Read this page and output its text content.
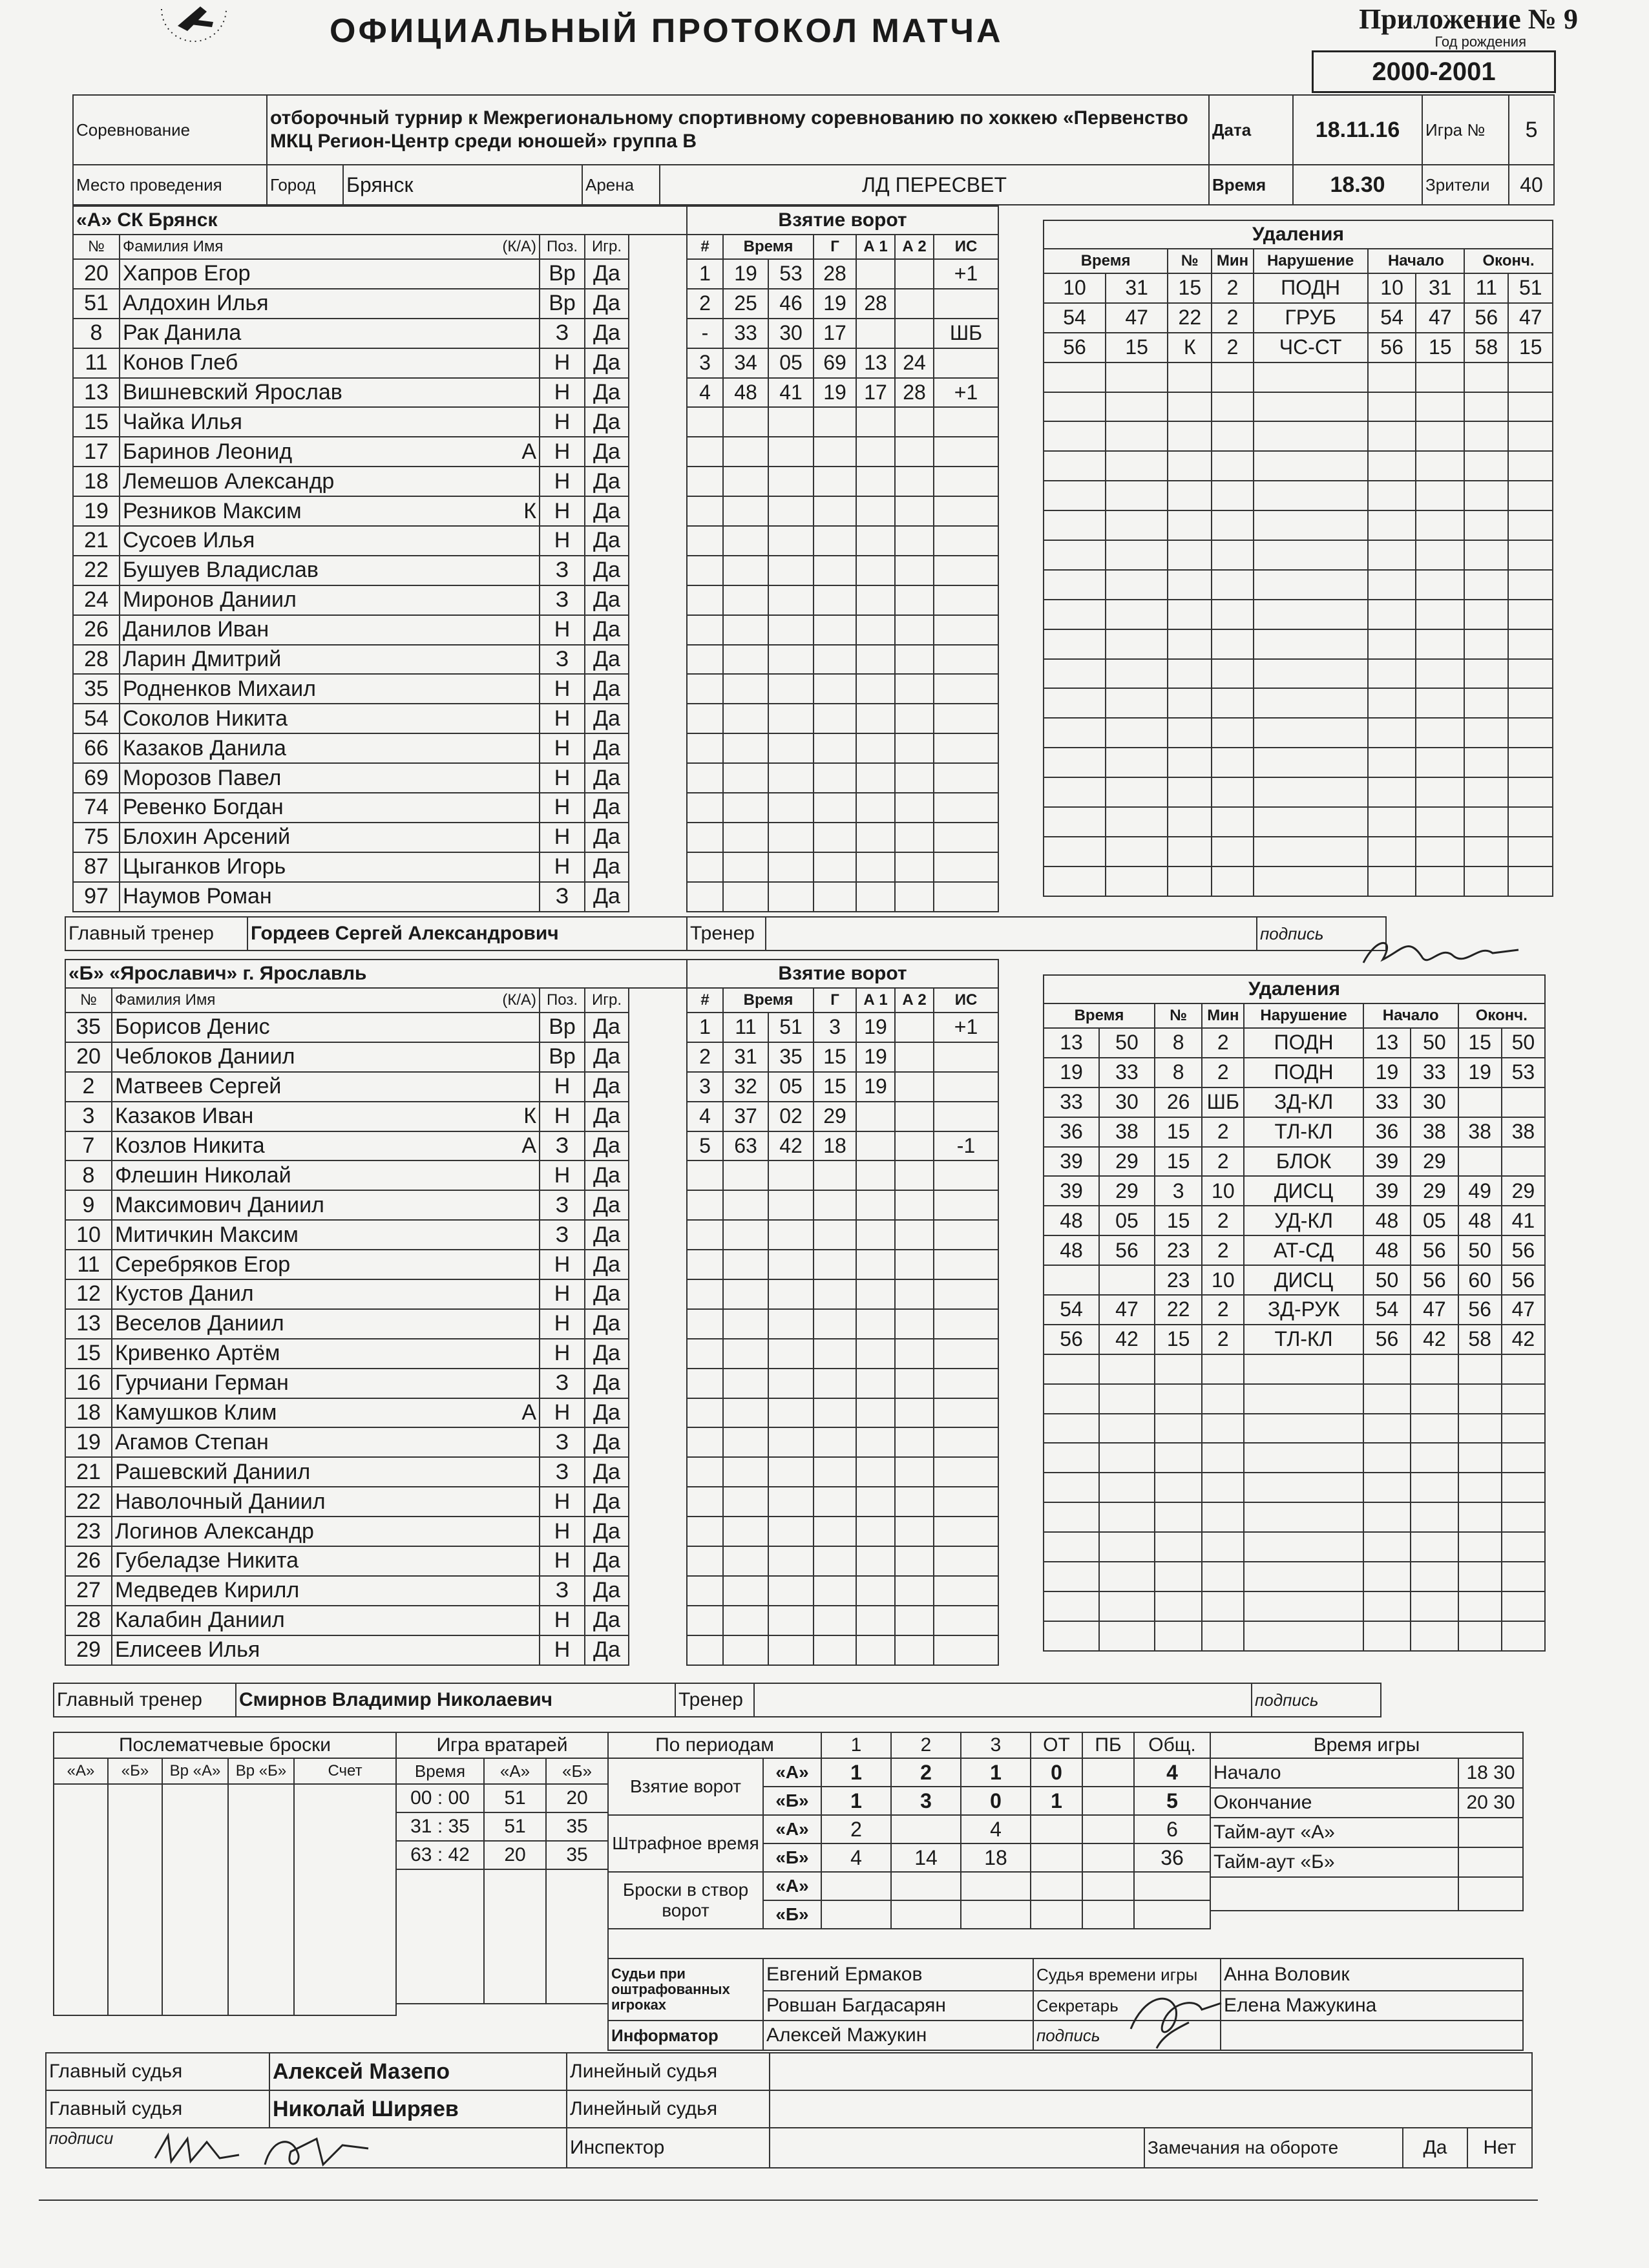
ОФИЦИАЛЬНЫЙ ПРОТОКОЛ МАТЧА	Приложение № 9
Год рождения
2000-2001
Соревнование	отборочный турнир к Межрегиональному спортивному соревнованию по хоккею «Первенство МКЦ Регион-Центр среди юношей» группа В				Дата	18.11.16	Игра №	5	
Место проведения	Город	Брянск	Арена	ЛД ПЕРЕСВЕТ	Время	18.30	Зрители	40	
«А» СК Брянск				
№	Фамилия Имя (К/А)	Поз.	Игр.	
20	Хапров Егор	Вр	Да	
51	Алдохин Илья	Вр	Да	
8	Рак Данила	З	Да	
11	Конов Глеб	Н	Да	
13	Вишневский Ярослав	Н	Да	
15	Чайка Илья	Н	Да	
17	Баринов Леонид А	Н	Да	
18	Лемешов Александр	Н	Да	
19	Резников Максим К	Н	Да	
21	Сусоев Илья	Н	Да	
22	Бушуев Владислав	З	Да	
24	Миронов Даниил	З	Да	
26	Данилов Иван	Н	Да	
28	Ларин Дмитрий	З	Да	
35	Родненков Михаил	Н	Да	
54	Соколов Никита	Н	Да	
66	Казаков Данила	Н	Да	
69	Морозов Павел	Н	Да	
74	Ревенко Богдан	Н	Да	
75	Блохин Арсений	Н	Да	
87	Цыганков Игорь	Н	Да	
97	Наумов Роман	З	Да	
Взятие ворот							
#	Время		Г	А 1	А 2	ИС	
1	19	53	28			+1	
2	25	46	19	28			
-	33	30	17			ШБ	
3	34	05	69	13	24		
4	48	41	19	17	28	+1	

Удаления								
Время		№	Мин	Нарушение	Начало		Оконч.	
10	31	15	2	ПОДН	10	31	11	51
54	47	22	2	ГРУБ	54	47	56	47
56	15	К	2	ЧС-СТ	56	15	58	15

Главный тренер	Гордеев Сергей Александрович	Тренер		подпись	
«Б» «Ярославич» г. Ярославль				
№	Фамилия Имя (К/А)	Поз.	Игр.	
35	Борисов Денис	Вр	Да	
20	Чеблоков Даниил	Вр	Да	
2	Матвеев Сергей	Н	Да	
3	Казаков Иван К	Н	Да	
7	Козлов Никита А	З	Да	
8	Флешин Николай	Н	Да	
9	Максимович Даниил	З	Да	
10	Митичкин Максим	З	Да	
11	Серебряков Егор	Н	Да	
12	Кустов Данил	Н	Да	
13	Веселов Даниил	Н	Да	
15	Кривенко Артём	Н	Да	
16	Гурчиани Герман	З	Да	
18	Камушков Клим А	Н	Да	
19	Агамов Степан	З	Да	
21	Рашевский Даниил	З	Да	
22	Наволочный Даниил	Н	Да	
23	Логинов Александр	Н	Да	
26	Губеладзе Никита	Н	Да	
27	Медведев Кирилл	З	Да	
28	Калабин Даниил	Н	Да	
29	Елисеев Илья	Н	Да	
Взятие ворот							
#	Время		Г	А 1	А 2	ИС	
1	11	51	3	19		+1	
2	31	35	15	19			
3	32	05	15	19			
4	37	02	29				
5	63	42	18			-1	

Удаления								
Время		№	Мин	Нарушение	Начало		Оконч.	
13	50	8	2	ПОДН	13	50	15	50
19	33	8	2	ПОДН	19	33	19	53
33	30	26	ШБ	ЗД-КЛ	33	30		
36	38	15	2	ТЛ-КЛ	36	38	38	38
39	29	15	2	БЛОК	39	29		
39	29	3	10	ДИСЦ	39	29	49	29
48	05	15	2	УД-КЛ	48	05	48	41
48	56	23	2	АТ-СД	48	56	50	56
		23	10	ДИСЦ	50	56	60	56
54	47	22	2	ЗД-РУК	54	47	56	47
56	42	15	2	ТЛ-КЛ	56	42	58	42

Главный тренер	Смирнов Владимир Николаевич	Тренер		подпись	
Послематчевые броски				
«А»	«Б»	Вр «А»	Вр «Б»	Счет

Игра вратарей		
Время	«А»	«Б»
00 : 00	51	20
31 : 35	51	35
63 : 42	20	35

По периодам		1	2	3	ОТ	ПБ	Общ.
Взятие ворот	«А»	1	2	1	0		4
	«Б»	1	3	0	1		5
Штрафное время	«А»	2		4			6
	«Б»	4	14	18			36
Броски в створ ворот	«А»						
	«Б»						
Время игры	
Начало	18 30
Окончание	20 30
Тайм-аут «А»	
Тайм-аут «Б»	

Судьи при оштрафованных игроках	Евгений Ермаков	Судья времени игры	Анна Воловик
	Ровшан Багдасарян	Секретарь	Елена Мажукина
Информатор	Алексей Мажукин	подпись	
Главный судья	Алексей Мазепо	Линейный судья				
Главный судья	Николай Ширяев	Линейный судья				
подписи		Инспектор		Замечания на обороте	Да	Нет
